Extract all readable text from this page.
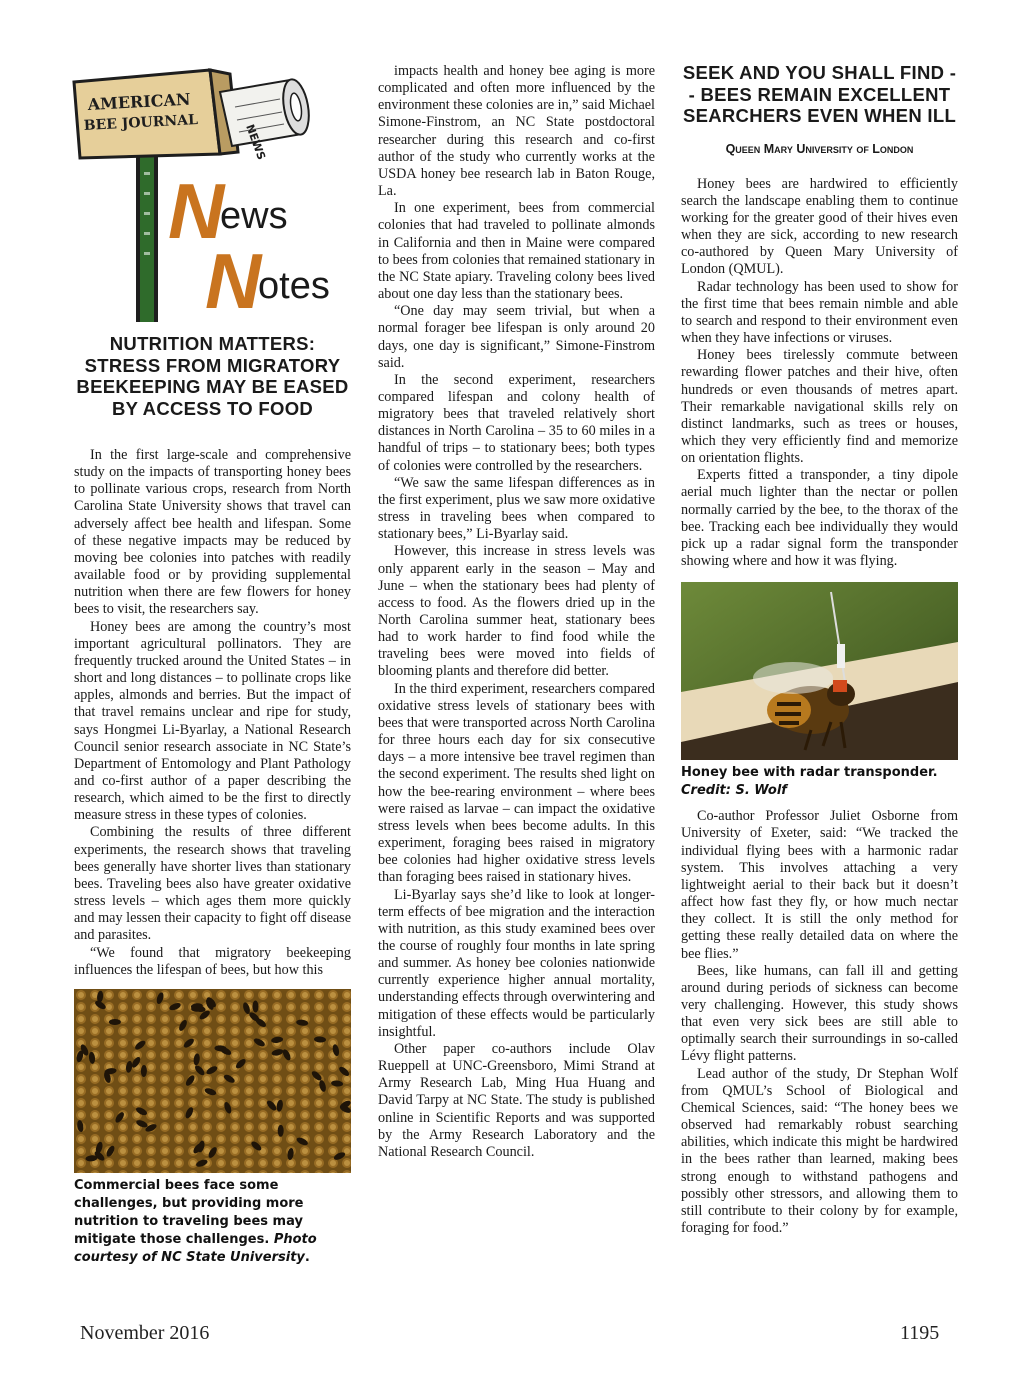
AMERICAN
BEE JOURNAL	NEWS
N
ews
N
otes
NUTRITION MATTERS: STRESS FROM MIGRATORY BEEKEEPING MAY BE EASED BY ACCESS TO FOOD

In the first large-scale and comprehensive study on the impacts of transporting honey bees to pollinate various crops, research from North Carolina State University shows that travel can adversely affect bee health and lifespan. Some of these negative impacts may be reduced by moving bee colonies into patches with readily available food or by providing supplemental nutrition when there are few flowers for honey bees to visit, the researchers say.

Honey bees are among the country’s most important agricultural pollinators. They are frequently trucked around the United States – in short and long distances – to pollinate crops like apples, almonds and berries. But the impact of that travel remains unclear and ripe for study, says Hongmei Li-Byarlay, a National Research Council senior research associate in NC State’s Department of Entomology and Plant Pathology and co-first author of a paper describing the research, which aimed to be the first to directly measure stress in these types of colonies.

Combining the results of three different experiments, the research shows that traveling bees generally have shorter lives than stationary bees. Traveling bees also have greater oxidative stress levels – which ages them more quickly and may lessen their capacity to fight off disease and parasites.

“We found that migratory beekeeping influences the lifespan of bees, but how this

Commercial bees face some challenges, but providing more nutrition to traveling bees may mitigate those challenges. Photo courtesy of NC State University.

impacts health and honey bee aging is more complicated and often more influenced by the environment these colonies are in,” said Michael Simone-Finstrom, an NC State postdoctoral researcher during this research and co-first author of the study who currently works at the USDA honey bee research lab in Baton Rouge, La.

In one experiment, bees from commercial colonies that had traveled to pollinate almonds in California and then in Maine were compared to bees from colonies that remained stationary in the NC State apiary. Traveling colony bees lived about one day less than the stationary bees.

“One day may seem trivial, but when a normal forager bee lifespan is only around 20 days, one day is significant,” Simone-Finstrom said.

In the second experiment, researchers compared lifespan and colony health of migratory bees that traveled relatively short distances in North Carolina – 35 to 60 miles in a handful of trips – to stationary bees; both types of colonies were controlled by the researchers.

“We saw the same lifespan differences as in the first experiment, plus we saw more oxidative stress in traveling bees when compared to stationary bees,” Li-Byarlay said.

However, this increase in stress levels was only apparent early in the season – May and June – when the stationary bees had plenty of access to food. As the flowers dried up in the North Carolina summer heat, stationary bees had to work harder to find food while the traveling bees were moved into fields of blooming plants and therefore did better.

In the third experiment, researchers compared oxidative stress levels of stationary bees with bees that were transported across North Carolina for three hours each day for six consecutive days – a more intensive bee travel regimen than the second experiment. The results shed light on how the bee-rearing environment – where bees were raised as larvae – can impact the oxidative stress levels when bees become adults. In this experiment, foraging bees raised in migratory bee colonies had higher oxidative stress levels than foraging bees raised in stationary hives.

Li-Byarlay says she’d like to look at longer-term effects of bee migration and the interaction with nutrition, as this study examined bees over the course of roughly four months in late spring and summer. As honey bee colonies nationwide currently experience higher annual mortality, understanding effects through overwintering and mitigation of these effects would be particularly insightful.

Other paper co-authors include Olav Rueppell at UNC-Greensboro, Mimi Strand at Army Research Lab, Ming Hua Huang and David Tarpy at NC State. The study is published online in Scientific Reports and was supported by the Army Research Laboratory and the National Research Council.

SEEK AND YOU SHALL FIND -- BEES REMAIN EXCELLENT SEARCHERS EVEN WHEN ILL
Queen Mary University of London

Honey bees are hardwired to efficiently search the landscape enabling them to continue working for the greater good of their hives even when they are sick, according to new research co-authored by Queen Mary University of London (QMUL).

Radar technology has been used to show for the first time that bees remain nimble and able to search and respond to their environment even when they have infections or viruses.

Honey bees tirelessly commute between rewarding flower patches and their hive, often hundreds or even thousands of metres apart. Their remarkable navigational skills rely on distinct landmarks, such as trees or houses, which they very efficiently find and memorize on orientation flights.

Experts fitted a transponder, a tiny dipole aerial much lighter than the nectar or pollen normally carried by the bee, to the thorax of the bee. Tracking each bee individually they would pick up a radar signal form the transponder showing where and how it was flying.

Honey bee with radar transponder.
Credit: S. Wolf

Co-author Professor Juliet Osborne from University of Exeter, said: “We tracked the individual flying bees with a harmonic radar system. This involves attaching a very lightweight aerial to their back but it doesn’t affect how fast they fly, or how much nectar they collect. It is still the only method for getting these really detailed data on where the bee flies.”

Bees, like humans, can fall ill and getting around during periods of sickness can become very challenging. However, this study shows that even very sick bees are still able to optimally search their surroundings in so-called Lévy flight patterns.

Lead author of the study, Dr Stephan Wolf from QMUL’s School of Biological and Chemical Sciences, said: “The honey bees we observed had remarkably robust searching abilities, which indicate this might be hardwired in the bees rather than learned, making bees strong enough to withstand pathogens and possibly other stressors, and allowing them to still contribute to their colony by for example, foraging for food.”

November 2016	1195
